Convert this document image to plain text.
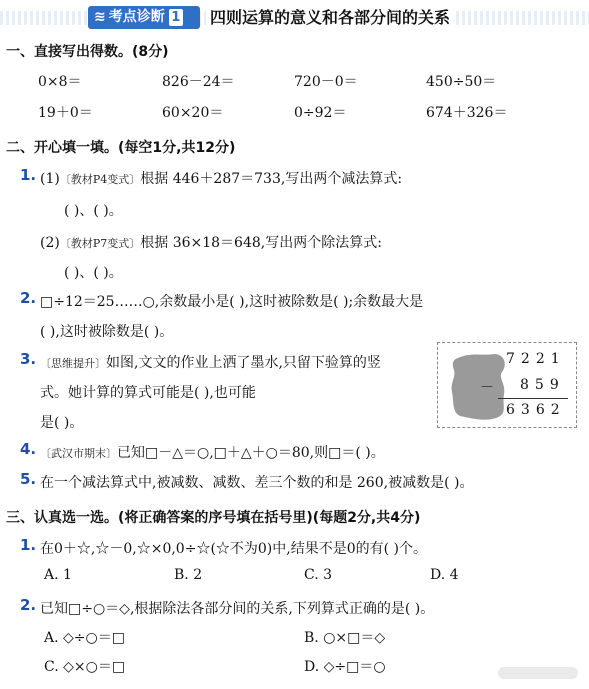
≋ 考点诊断 1	四则运算的意义和各部分间的关系
一、直接写出得数。(8分)
0×8＝	826－24＝	720－0＝	450÷50＝
19＋0＝	60×20＝	0÷92＝	674＋326＝
二、开心填一填。(每空1分,共12分)
1. (1)〔教材P4变式〕根据 446＋287＝733,写出两个减法算式:
( )、( )。
(2)〔教材P7变式〕根据 36×18＝648,写出两个除法算式:
( )、( )。
2. □÷12＝25……○,余数最小是( ),这时被除数是( );余数最大是
( ),这时被除数是( )。
3. 〔思维提升〕如图,文文的作业上洒了墨水,只留下验算的竖
式。她计算的算式可能是( ),也可能
是( )。
7221
－ 859
6362
4. 〔武汉市期末〕已知□－△＝○,□＋△＋○＝80,则□＝( )。
5. 在一个减法算式中,被减数、减数、差三个数的和是 260,被减数是( )。
三、认真选一选。(将正确答案的序号填在括号里)(每题2分,共4分)
1. 在0＋☆,☆－0,☆×0,0÷☆(☆不为0)中,结果不是0的有( )个。
A. 1	B. 2	C. 3	D. 4
2. 已知□÷○＝◇,根据除法各部分间的关系,下列算式正确的是( )。
A. ◇÷○＝□	B. ○×□＝◇
C. ◇×○＝□	D. ◇÷□＝○
